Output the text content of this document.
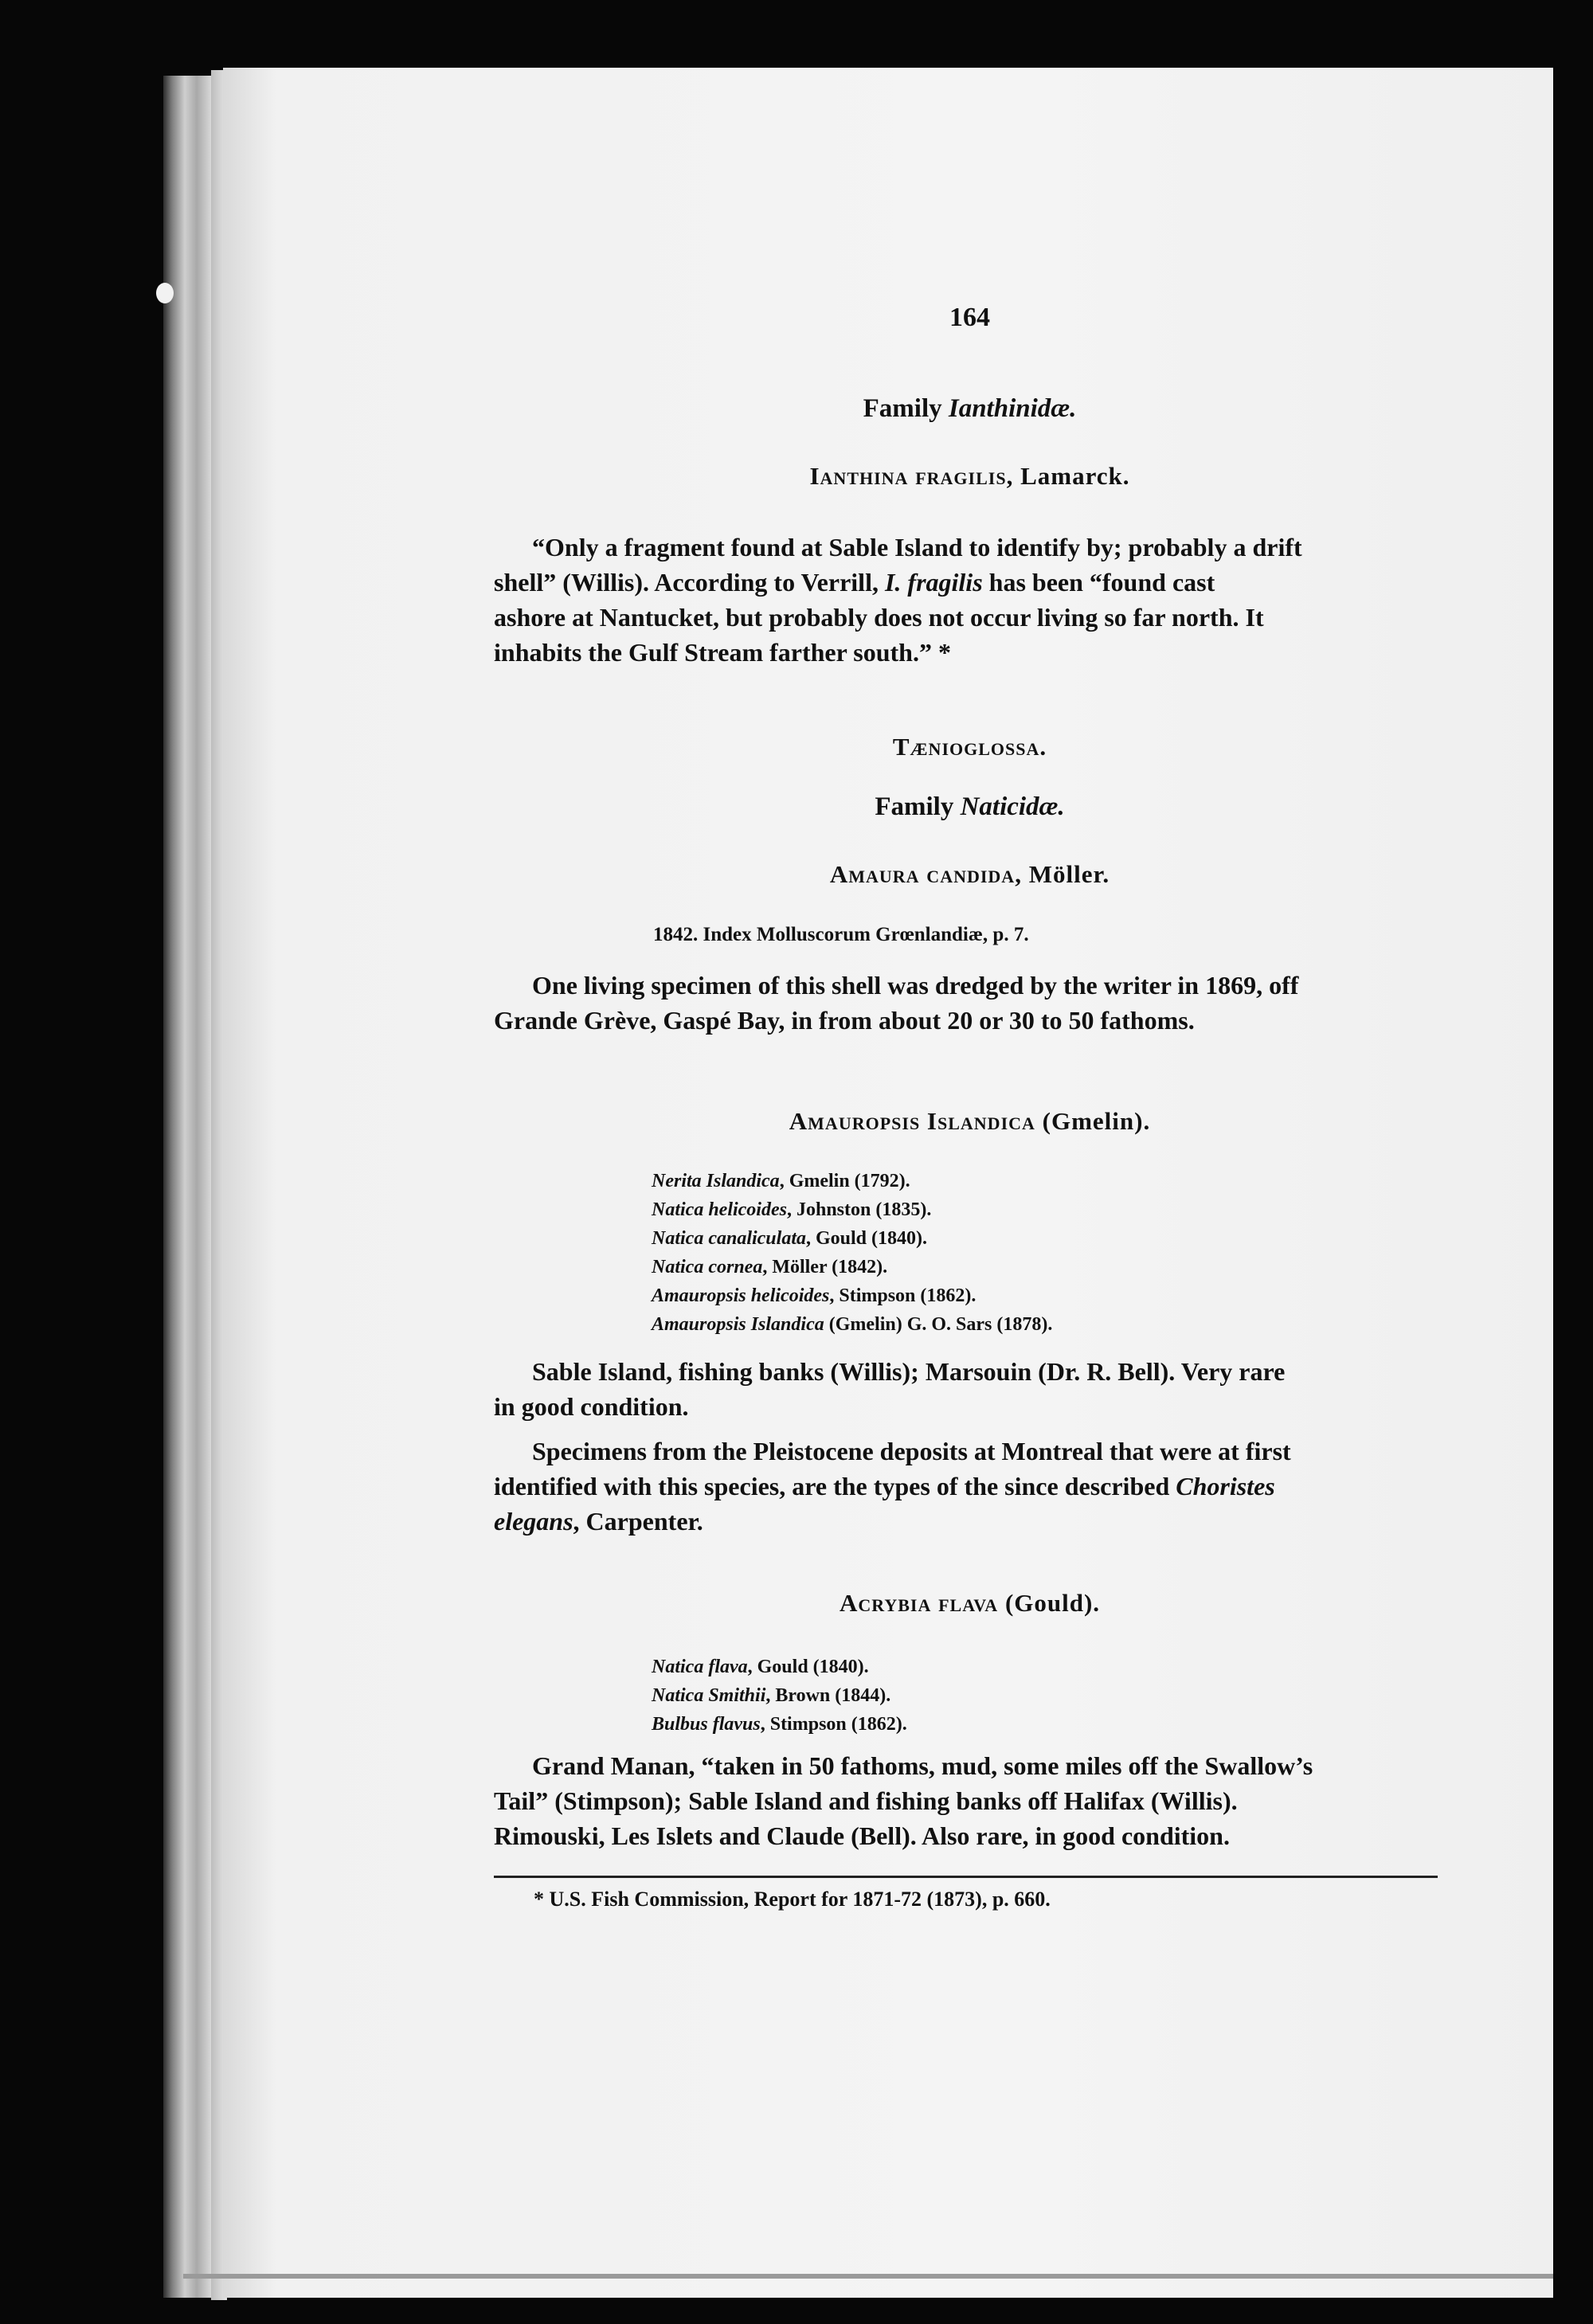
164
Family Ianthinidæ.
Ianthina fragilis, Lamarck.
“Only a fragment found at Sable Island to identify by; probably a drift
shell” (Willis). According to Verrill, I. fragilis has been “found cast
ashore at Nantucket, but probably does not occur living so far north. It
inhabits the Gulf Stream farther south.” *
Tænioglossa.
Family Naticidæ.
Amaura candida, Möller.
1842. Index Molluscorum Grœnlandiæ, p. 7.
One living specimen of this shell was dredged by the writer in 1869, off
Grande Grève, Gaspé Bay, in from about 20 or 30 to 50 fathoms.
Amauropsis Islandica (Gmelin).
Nerita Islandica, Gmelin (1792).
Natica helicoides, Johnston (1835).
Natica canaliculata, Gould (1840).
Natica cornea, Möller (1842).
Amauropsis helicoides, Stimpson (1862).
Amauropsis Islandica (Gmelin) G. O. Sars (1878).
Sable Island, fishing banks (Willis); Marsouin (Dr. R. Bell). Very rare
in good condition.
Specimens from the Pleistocene deposits at Montreal that were at first
identified with this species, are the types of the since described Choristes
elegans, Carpenter.
Acrybia flava (Gould).
Natica flava, Gould (1840).
Natica Smithii, Brown (1844).
Bulbus flavus, Stimpson (1862).
Grand Manan, “taken in 50 fathoms, mud, some miles off the Swallow’s
Tail” (Stimpson); Sable Island and fishing banks off Halifax (Willis).
Rimouski, Les Islets and Claude (Bell). Also rare, in good condition.
* U.S. Fish Commission, Report for 1871-72 (1873), p. 660.
